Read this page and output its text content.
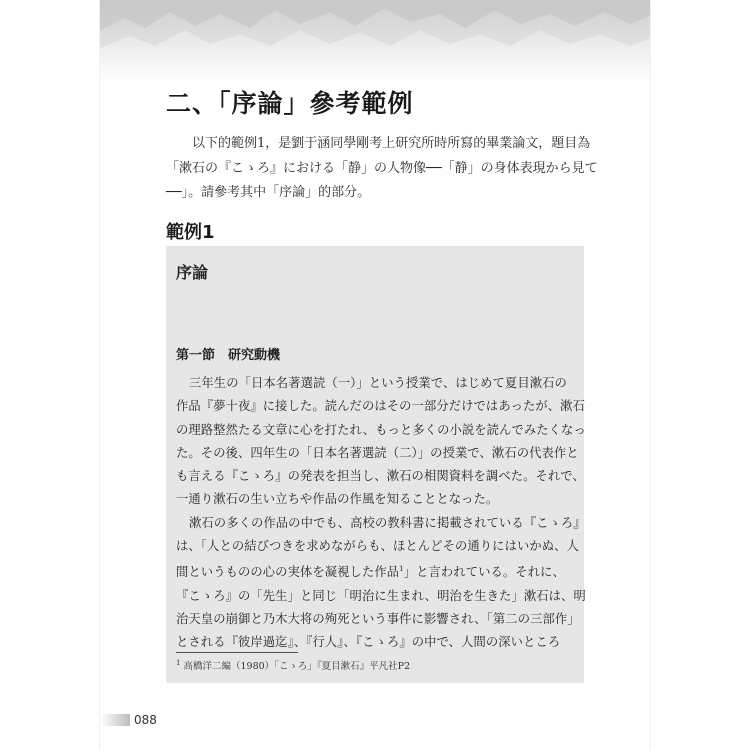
二、「序論」參考範例

以下的範例1，是劉于涵同學剛考上研究所時所寫的畢業論文，題目為

「漱石の『こゝろ』における「静」の人物像──「静」の身体表現から見て

──」。請參考其中「序論」的部分。

範例1
序論
第一節　研究動機

三年生の「日本名著選読（一）」という授業で、はじめて夏目漱石の

作品『夢十夜』に接した。読んだのはその一部分だけではあったが、漱石

の理路整然たる文章に心を打たれ、もっと多くの小説を読んでみたくなっ

た。その後、四年生の「日本名著選読（二）」の授業で、漱石の代表作と

も言える『こゝろ』の発表を担当し、漱石の相関資料を調べた。それで、

一通り漱石の生い立ちや作品の作風を知ることとなった。

漱石の多くの作品の中でも、高校の教科書に掲載されている『こゝろ』

は、「人との結びつきを求めながらも、ほとんどその通りにはいかぬ、人

間というものの心の実体を凝視した作品$^1$」と言われている。それに、

『こゝろ』の「先生」と同じ「明治に生まれ、明治を生きた」漱石は、明

治天皇の崩御と乃木大将の殉死という事件に影響され、「第二の三部作」

とされる『彼岸過迄』、『行人』、『こゝろ』の中で、人間の深いところ

$^1$ 高橋洋二編（1980）「こゝろ」『夏目漱石』平凡社P2
088
